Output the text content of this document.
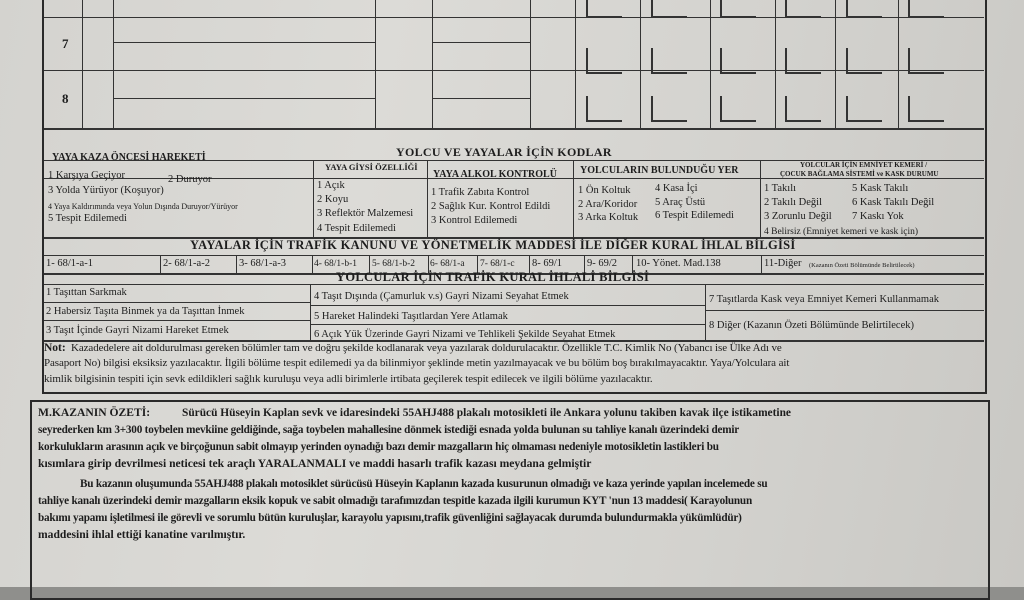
7
8
YOLCU VE YAYALAR İÇİN KODLAR
YAYA KAZA ÖNCESİ HAREKETİ
1 Karşıya Geçiyor	2 Duruyor
3 Yolda Yürüyor (Koşuyor)
4 Yaya Kaldırımında veya Yolun Dışında Duruyor/Yürüyor
5 Tespit Edilemedi
YAYA GİYSİ ÖZELLİĞİ
1 Açık
2 Koyu
3 Reflektör Malzemesi
4 Tespit Edilemedi
YAYA ALKOL KONTROLÜ
1 Trafik Zabıta Kontrol
2 Sağlık Kur. Kontrol Edildi
3 Kontrol Edilemedi
YOLCULARIN BULUNDUĞU YER
1 Ön Koltuk 4 Kasa İçi
2 Ara/Koridor 5 Araç Üstü
3 Arka Koltuk 6 Tespit Edilemedi
YOLCULAR İÇİN EMNİYET KEMERİ /
ÇOCUK BAĞLAMA SİSTEMİ ve KASK DURUMU
1 Takılı	5 Kask Takılı
2 Takılı Değil	6 Kask Takılı Değil
3 Zorunlu Değil 7 Kaskı Yok
4 Belirsiz (Emniyet kemeri ve kask için)
YAYALAR İÇİN TRAFİK KANUNU VE YÖNETMELİK MADDESİ İLE DİĞER KURAL İHLAL BİLGİSİ
1- 68/1-a-1	2- 68/1-a-2	3- 68/1-a-3	4- 68/1-b-1 5- 68/1-b-2 6- 68/1-a 7- 68/1-c 8- 69/1 9- 69/2 10- Yönet. Mad.138	11-Diğer (Kazanın Özeti Bölümünde Belirtilecek)
YOLCULAR İÇİN TRAFİK KURAL İHLALİ BİLGİSİ
1 Taşıttan Sarkmak
2 Habersiz Taşıta Binmek ya da Taşıttan İnmek
3 Taşıt İçinde Gayri Nizami Hareket Etmek
4 Taşıt Dışında (Çamurluk v.s) Gayri Nizami Seyahat Etmek
5 Hareket Halindeki Taşıtlardan Yere Atlamak
6 Açık Yük Üzerinde Gayri Nizami ve Tehlikeli Şekilde Seyahat Etmek
7 Taşıtlarda Kask veya Emniyet Kemeri Kullanmamak
8 Diğer (Kazanın Özeti Bölümünde Belirtilecek)
Not: Kazadedelere ait doldurulması gereken bölümler tam ve doğru şekilde kodlanarak veya yazılarak doldurulacaktır. Özellikle T.C. Kimlik No (Yabancı ise Ülke Adı ve
Pasaport No) bilgisi eksiksiz yazılacaktır. İlgili bölüme tespit edilemedi ya da bilinmiyor şeklinde metin yazılmayacak ve bu bölüm boş bırakılmayacaktır. Yaya/Yolculara ait
kimlik bilgisinin tespiti için sevk edildikleri sağlık kuruluşu veya adli birimlerle irtibata geçilerek tespit edilecek ve ilgili bölüme yazılacaktır.
M.KAZANIN ÖZETİ:	Sürücü Hüseyin Kaplan sevk ve idaresindeki 55AHJ488 plakalı motosikleti ile Ankara yolunu takiben kavak ilçe istikametine
seyrederken km 3+300 toybelen mevkiine geldiğinde, sağa toybelen mahallesine dönmek istediği esnada yolda bulunan su tahliye kanalı üzerindeki demir
korkulukların arasının açık ve birçoğunun sabit olmayıp yerinden oynadığı bazı demir mazgalların hiç olmaması nedeniyle motosikletin lastikleri bu
kısımlara girip devrilmesi neticesi tek araçlı YARALANMALI ve maddi hasarlı trafik kazası meydana gelmiştir
Bu kazanın oluşumunda 55AHJ488 plakalı motosiklet sürücüsü Hüseyin Kaplanın kazada kusurunun olmadığı ve kaza yerinde yapılan incelemede su
tahliye kanalı üzerindeki demir mazgalların eksik kopuk ve sabit olmadığı tarafımızdan tespitle kazada ilgili kurumun KYT 'nun 13 maddesi( Karayolunun
bakımı yapamı işletilmesi ile görevli ve sorumlu bütün kuruluşlar, karayolu yapısını,trafik güvenliğini sağlayacak durumda bulundurmakla yükümlüdür)
maddesini ihlal ettiği kanatine varılmıştır.
